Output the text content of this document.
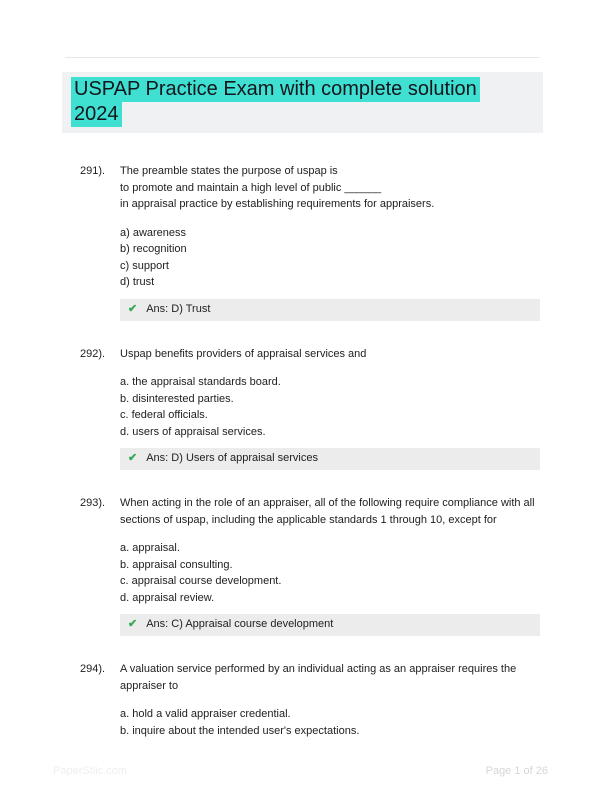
USPAP Practice Exam with complete solution
2024
291).	The preamble states the purpose of uspap is
to promote and maintain a high level of public ______
in appraisal practice by establishing requirements for appraisers.
a) awareness
b) recognition
c) support
d) trust
✔ Ans: D) Trust
292).	Uspap benefits providers of appraisal services and
a. the appraisal standards board.
b. disinterested parties.
c. federal officials.
d. users of appraisal services.
✔ Ans: D) Users of appraisal services
293).	When acting in the role of an appraiser, all of the following require compliance with all
sections of uspap, including the applicable standards 1 through 10, except for
a. appraisal.
b. appraisal consulting.
c. appraisal course development.
d. appraisal review.
✔ Ans: C) Appraisal course development
294).	A valuation service performed by an individual acting as an appraiser requires the
appraiser to
a. hold a valid appraiser credential.
b. inquire about the intended user's expectations.
PaperStlic.com	Page 1 of 26
